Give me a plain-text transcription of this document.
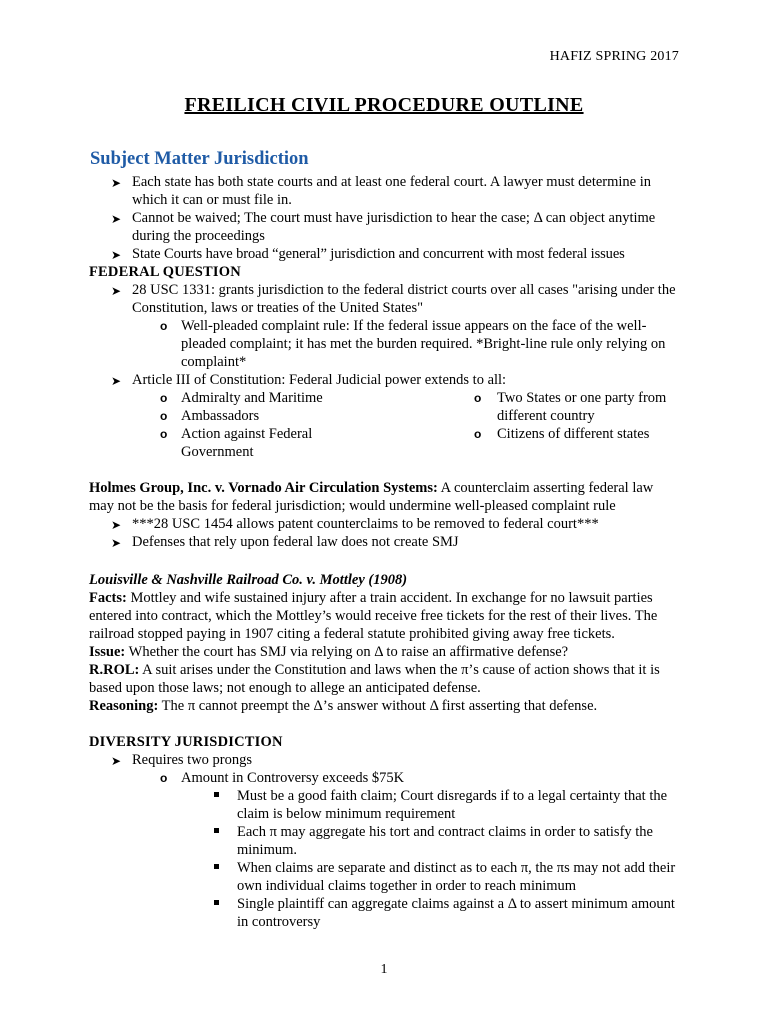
HAFIZ SPRING 2017
FREILICH CIVIL PROCEDURE OUTLINE
Subject Matter Jurisdiction
➤ Each state has both state courts and at least one federal court. A lawyer must determine in which it can or must file in.
➤ Cannot be waived; The court must have jurisdiction to hear the case; Δ can object anytime during the proceedings
➤ State Courts have broad “general” jurisdiction and concurrent with most federal issues
FEDERAL QUESTION
➤ 28 USC 1331: grants jurisdiction to the federal district courts over all cases "arising under the Constitution, laws or treaties of the United States"
o Well-pleaded complaint rule: If the federal issue appears on the face of the well-pleaded complaint; it has met the burden required. *Bright-line rule only relying on complaint*
➤ Article III of Constitution: Federal Judicial power extends to all:
o Admiralty and Maritime
o Ambassadors
o Action against Federal Government
o Two States or one party from different country
o Citizens of different states
Holmes Group, Inc. v. Vornado Air Circulation Systems: A counterclaim asserting federal law may not be the basis for federal jurisdiction; would undermine well-pleased complaint rule
➤ ***28 USC 1454 allows patent counterclaims to be removed to federal court***
➤ Defenses that rely upon federal law does not create SMJ
Louisville & Nashville Railroad Co. v. Mottley (1908)
Facts: Mottley and wife sustained injury after a train accident. In exchange for no lawsuit parties entered into contract, which the Mottley’s would receive free tickets for the rest of their lives. The railroad stopped paying in 1907 citing a federal statute prohibited giving away free tickets.
Issue: Whether the court has SMJ via relying on Δ to raise an affirmative defense?
R.ROL: A suit arises under the Constitution and laws when the π’s cause of action shows that it is based upon those laws; not enough to allege an anticipated defense.
Reasoning: The π cannot preempt the Δ’s answer without Δ first asserting that defense.
DIVERSITY JURISDICTION
➤ Requires two prongs
o Amount in Controversy exceeds $75K
Must be a good faith claim; Court disregards if to a legal certainty that the claim is below minimum requirement
Each π may aggregate his tort and contract claims in order to satisfy the minimum.
When claims are separate and distinct as to each π, the πs may not add their own individual claims together in order to reach minimum
Single plaintiff can aggregate claims against a Δ to assert minimum amount in controversy
1
